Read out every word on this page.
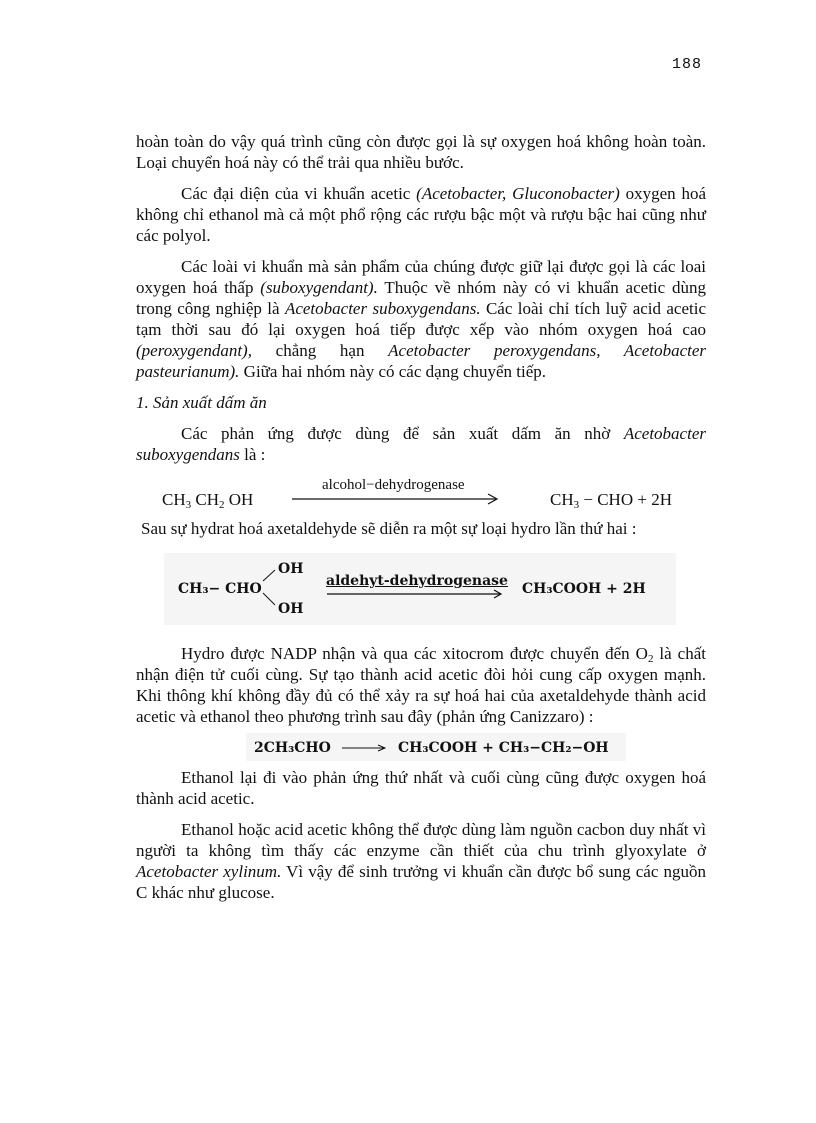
188

hoàn toàn do vậy quá trình cũng còn được gọi là sự oxygen hoá không hoàn toàn. Loại chuyển hoá này có thể trải qua nhiều bước.

Các đại diện của vi khuẩn acetic (Acetobacter, Gluconobacter) oxygen hoá không chỉ ethanol mà cả một phổ rộng các rượu bậc một và rượu bậc hai cũng như các polyol.

Các loài vi khuẩn mà sản phẩm của chúng được giữ lại được gọi là các loai oxygen hoá thấp (suboxygendant). Thuộc về nhóm này có vi khuẩn acetic dùng trong công nghiệp là Acetobacter suboxygendans. Các loài chỉ tích luỹ acid acetic tạm thời sau đó lại oxygen hoá tiếp được xếp vào nhóm oxygen hoá cao (peroxygendant), chẳng hạn Acetobacter peroxygendans, Acetobacter pasteurianum). Giữa hai nhóm này có các dạng chuyển tiếp.

1. Sản xuất dấm ăn

Các phản ứng được dùng để sản xuất dấm ăn nhờ Acetobacter suboxygendans là :

$CH_3$ $CH_2$ OH
alcohol−dehydrogenase
$CH_3$ − CHO + 2H

Sau sự hydrat hoá axetaldehyde sẽ diễn ra một sự loại hydro lần thứ hai :

OH
CH₃− CHO
OH
aldehyt-dehydrogenase CH₃COOH + 2H

Hydro được NADP nhận và qua các xitocrom được chuyển đến $O_2$ là chất nhận điện tử cuối cùng. Sự tạo thành acid acetic đòi hỏi cung cấp oxygen mạnh. Khi thông khí không đầy đủ có thể xảy ra sự hoá hai của axetaldehyde thành acid acetic và ethanol theo phương trình sau đây (phản ứng Canizzaro) :

2CH₃CHO	CH₃COOH + CH₃−CH₂−OH

Ethanol lại đi vào phản ứng thứ nhất và cuối cùng cũng được oxygen hoá thành acid acetic.

Ethanol hoặc acid acetic không thể được dùng làm nguồn cacbon duy nhất vì người ta không tìm thấy các enzyme cần thiết của chu trình glyoxylate ở Acetobacter xylinum. Vì vậy để sinh trưởng vi khuẩn cần được bổ sung các nguồn C khác như glucose.
